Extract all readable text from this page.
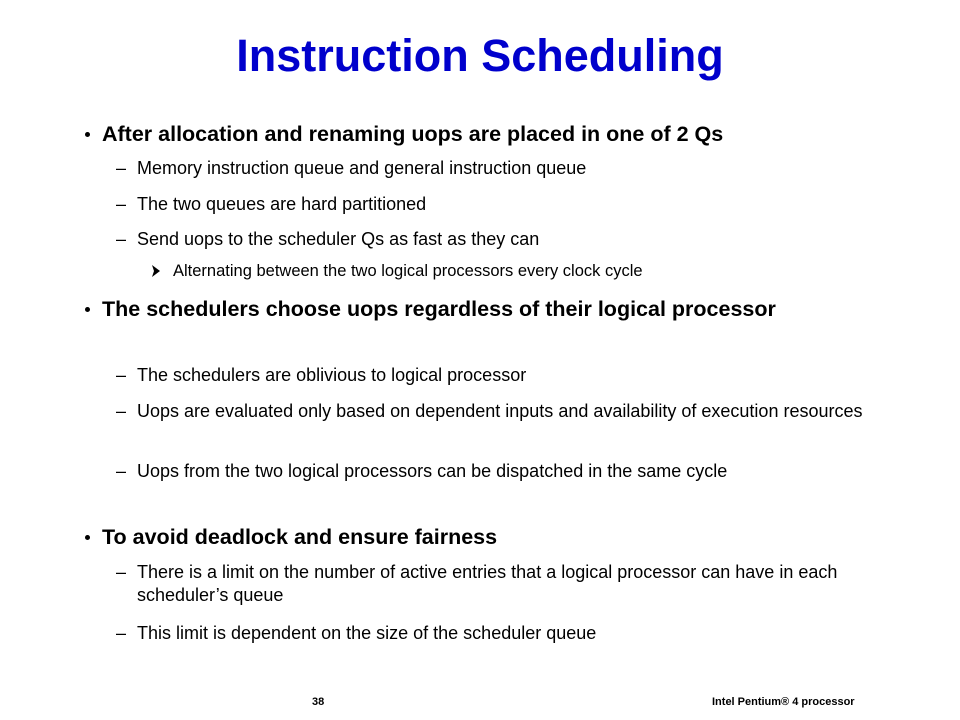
Instruction Scheduling
After allocation and renaming uops are placed in one of 2 Qs
– Memory instruction queue and general instruction queue
– The two queues are hard partitioned
– Send uops to the scheduler Qs as fast as they can
Alternating between the two logical processors every clock cycle
The schedulers choose uops regardless of their logical processor
– The schedulers are oblivious to logical processor
– Uops are evaluated only based on dependent inputs and availability of execution resources
– Uops from the two logical processors can be dispatched in the same cycle
To avoid deadlock and ensure fairness
– There is a limit on the number of active entries that a logical processor can have in each scheduler’s queue
– This limit is dependent on the size of the scheduler queue
38	Intel Pentium® 4 processor
